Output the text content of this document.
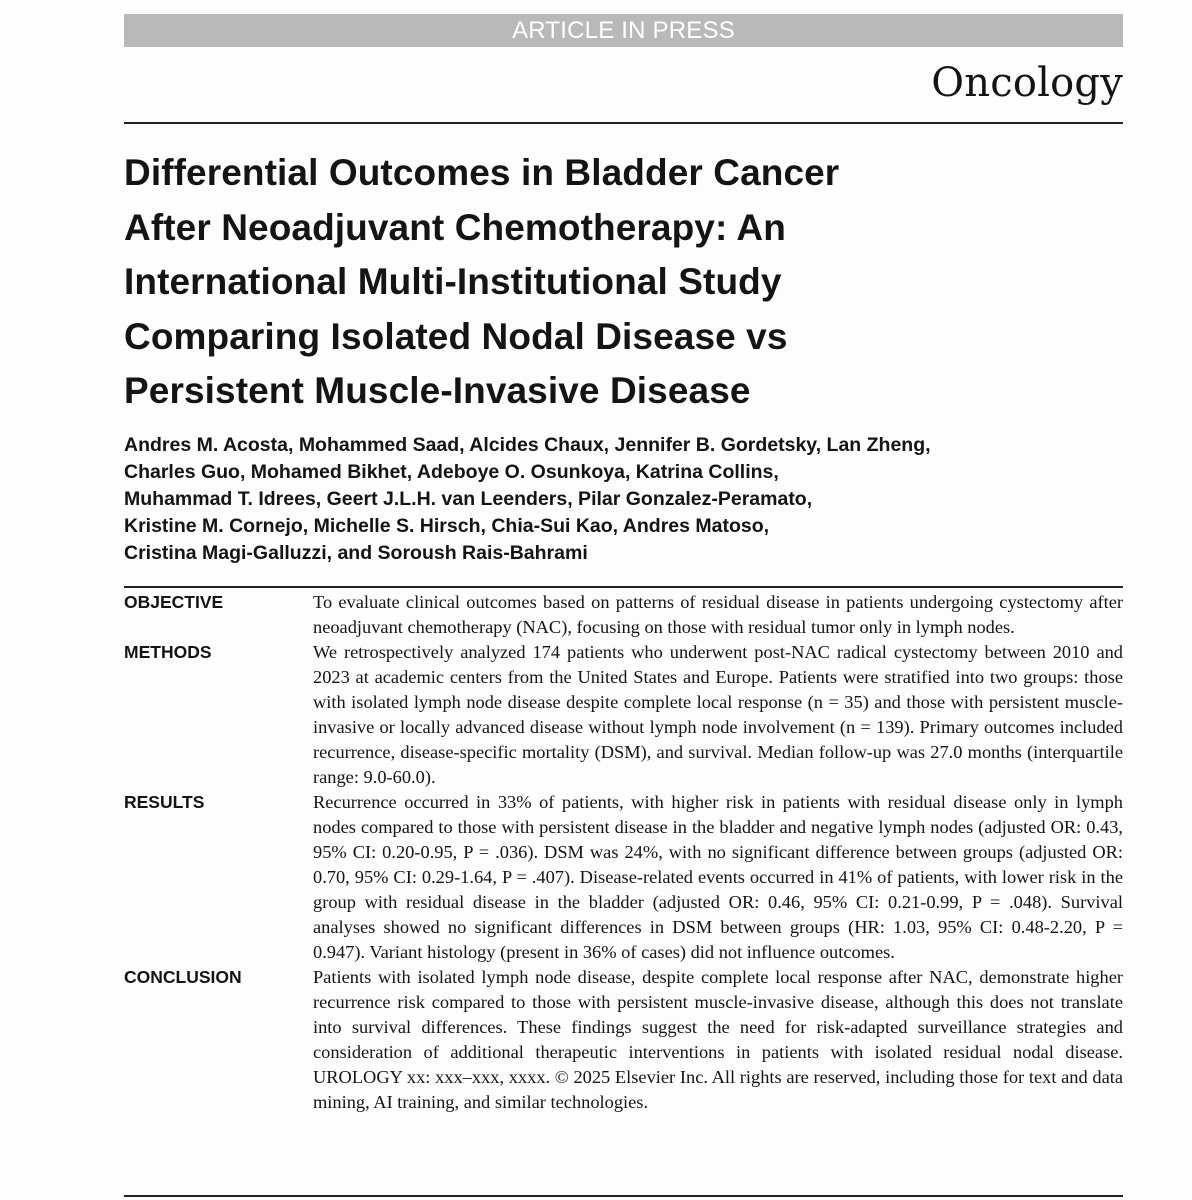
ARTICLE IN PRESS
Oncology
Differential Outcomes in Bladder Cancer
After Neoadjuvant Chemotherapy: An
International Multi-Institutional Study
Comparing Isolated Nodal Disease vs
Persistent Muscle-Invasive Disease

Andres M. Acosta, Mohammed Saad, Alcides Chaux, Jennifer B. Gordetsky, Lan Zheng,
Charles Guo, Mohamed Bikhet, Adeboye O. Osunkoya, Katrina Collins,
Muhammad T. Idrees, Geert J.L.H. van Leenders, Pilar Gonzalez-Peramato,
Kristine M. Cornejo, Michelle S. Hirsch, Chia-Sui Kao, Andres Matoso,
Cristina Magi-Galluzzi, and Soroush Rais-Bahrami

OBJECTIVE	To evaluate clinical outcomes based on patterns of residual disease in patients undergoing cystectomy after neoadjuvant chemotherapy (NAC), focusing on those with residual tumor only in lymph nodes.
METHODS	We retrospectively analyzed 174 patients who underwent post-NAC radical cystectomy between 2010 and 2023 at academic centers from the United States and Europe. Patients were stratified into two groups: those with isolated lymph node disease despite complete local response (n = 35) and those with persistent muscle-invasive or locally advanced disease without lymph node involvement (n = 139). Primary outcomes included recurrence, disease-specific mortality (DSM), and survival. Median follow-up was 27.0 months (interquartile range: 9.0-60.0).
RESULTS	Recurrence occurred in 33% of patients, with higher risk in patients with residual disease only in lymph nodes compared to those with persistent disease in the bladder and negative lymph nodes (adjusted OR: 0.43, 95% CI: 0.20-0.95, P = .036). DSM was 24%, with no significant difference between groups (adjusted OR: 0.70, 95% CI: 0.29-1.64, P = .407). Disease-related events occurred in 41% of patients, with lower risk in the group with residual disease in the bladder (adjusted OR: 0.46, 95% CI: 0.21-0.99, P = .048). Survival analyses showed no significant differences in DSM between groups (HR: 1.03, 95% CI: 0.48-2.20, P = 0.947). Variant histology (present in 36% of cases) did not influence outcomes.
CONCLUSION	Patients with isolated lymph node disease, despite complete local response after NAC, demonstrate higher recurrence risk compared to those with persistent muscle-invasive disease, although this does not translate into survival differences. These findings suggest the need for risk-adapted surveillance strategies and consideration of additional therapeutic interventions in patients with isolated residual nodal disease. UROLOGY xx: xxx–xxx, xxxx. © 2025 Elsevier Inc. All rights are reserved, including those for text and data mining, AI training, and similar technologies.
